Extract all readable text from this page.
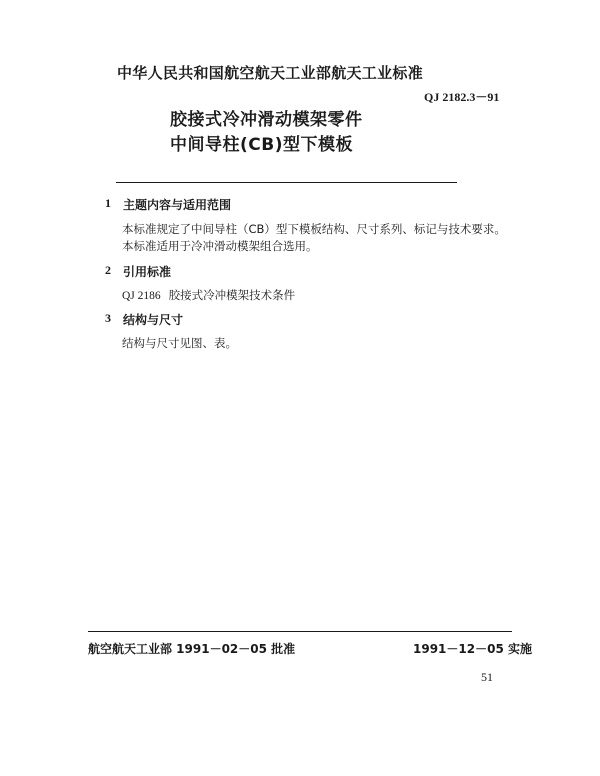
中华人民共和国航空航天工业部航天工业标准
QJ 2182.3－91
胶接式冷冲滑动模架零件
中间导柱(CB)型下模板
1 主题内容与适用范围
本标准规定了中间导柱（CB）型下模板结构、尺寸系列、标记与技术要求。
本标准适用于冷冲滑动模架组合选用。
2 引用标准
QJ 2186 胶接式冷冲模架技术条件
3 结构与尺寸
结构与尺寸见图、表。
航空航天工业部 1991－02－05 批准	1991－12－05 实施
51
